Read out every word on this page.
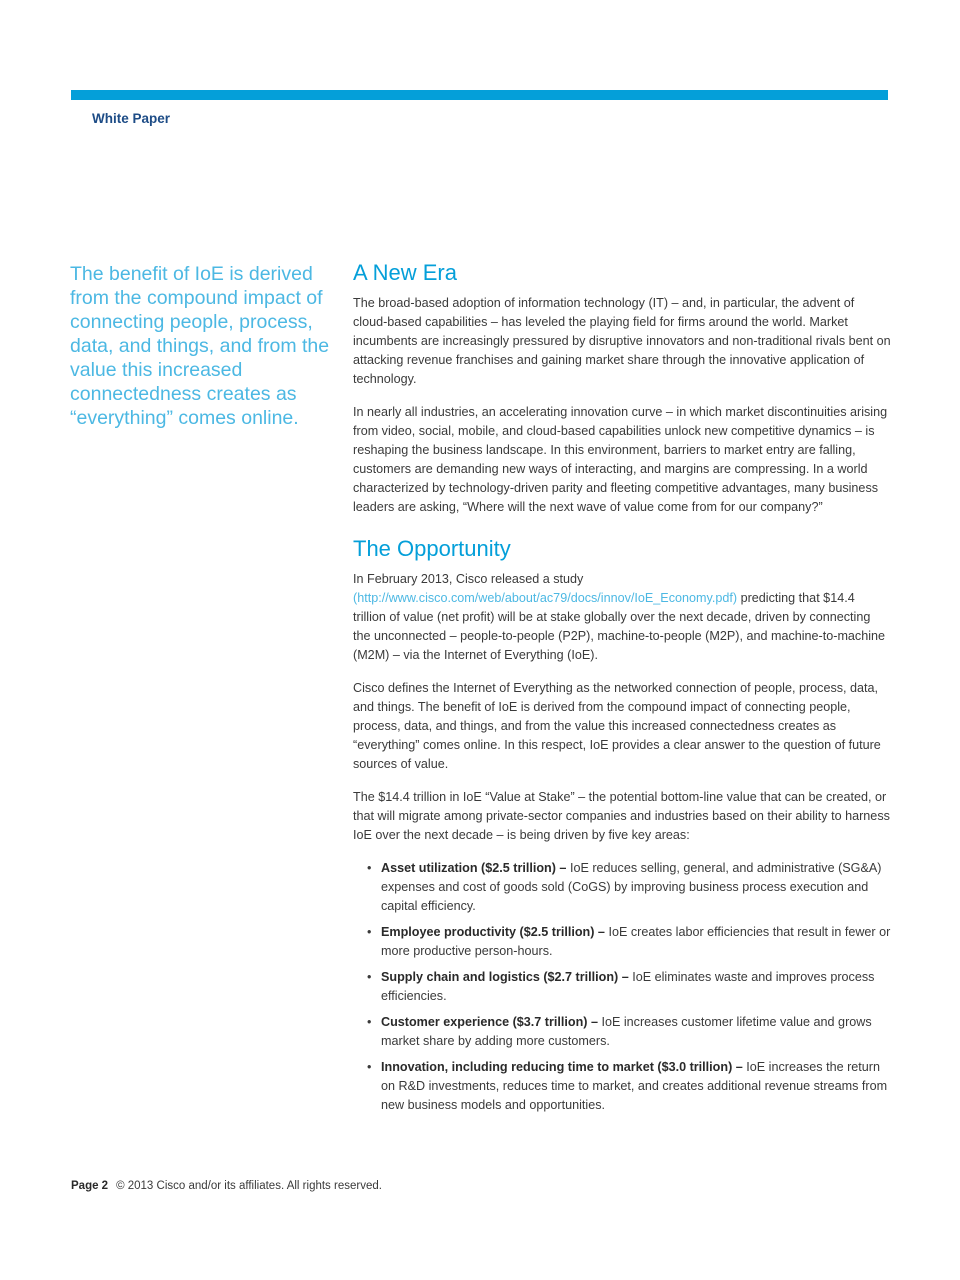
White Paper

The benefit of IoE is derived from the compound impact of connecting people, process, data, and things, and from the value this increased connectedness creates as “everything” comes online.

A New Era

The broad-based adoption of information technology (IT) – and, in particular, the advent of cloud-based capabilities – has leveled the playing field for firms around the world. Market incumbents are increasingly pressured by disruptive innovators and non-traditional rivals bent on attacking revenue franchises and gaining market share through the innovative application of technology.

In nearly all industries, an accelerating innovation curve – in which market discontinuities arising from video, social, mobile, and cloud-based capabilities unlock new competitive dynamics – is reshaping the business landscape. In this environment, barriers to market entry are falling, customers are demanding new ways of interacting, and margins are compressing. In a world characterized by technology-driven parity and fleeting competitive advantages, many business leaders are asking, “Where will the next wave of value come from for our company?”

The Opportunity

In February 2013, Cisco released a study (http://www.cisco.com/web/about/ac79/docs/innov/IoE_Economy.pdf) predicting that $14.4 trillion of value (net profit) will be at stake globally over the next decade, driven by connecting the unconnected – people-to-people (P2P), machine-to-people (M2P), and machine-to-machine (M2M) – via the Internet of Everything (IoE).

Cisco defines the Internet of Everything as the networked connection of people, process, data, and things. The benefit of IoE is derived from the compound impact of connecting people, process, data, and things, and from the value this increased connectedness creates as “everything” comes online. In this respect, IoE provides a clear answer to the question of future sources of value.

The $14.4 trillion in IoE “Value at Stake” – the potential bottom-line value that can be created, or that will migrate among private-sector companies and industries based on their ability to harness IoE over the next decade – is being driven by five key areas:

• Asset utilization ($2.5 trillion) – IoE reduces selling, general, and administrative (SG&A) expenses and cost of goods sold (CoGS) by improving business process execution and capital efficiency.
• Employee productivity ($2.5 trillion) – IoE creates labor efficiencies that result in fewer or more productive person-hours.
• Supply chain and logistics ($2.7 trillion) – IoE eliminates waste and improves process efficiencies.
• Customer experience ($3.7 trillion) – IoE increases customer lifetime value and grows market share by adding more customers.
• Innovation, including reducing time to market ($3.0 trillion) – IoE increases the return on R&D investments, reduces time to market, and creates additional revenue streams from new business models and opportunities.
Page 2 © 2013 Cisco and/or its affiliates. All rights reserved.
